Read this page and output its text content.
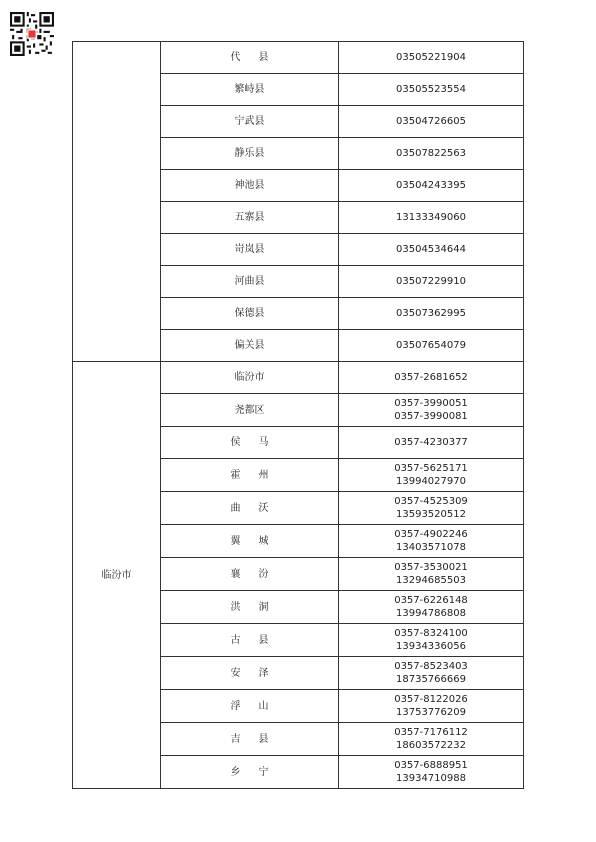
	代县	03505221904

	繁峙县	03505523554

	宁武县	03504726605

	静乐县	03507822563

	神池县	03504243395

	五寨县	13133349060

	岢岚县	03504534644

	河曲县	03507229910

	保德县	03507362995

	偏关县	03507654079

临汾市	临汾市	0357-2681652

	尧都区	0357-3990051
0357-3990081

	侯马	0357-4230377

	霍州	0357-5625171
13994027970

	曲沃	0357-4525309
13593520512

	翼城	0357-4902246
13403571078

	襄汾	0357-3530021
13294685503

	洪洞	0357-6226148
13994786808

	古县	0357-8324100
13934336056

	安泽	0357-8523403
18735766669

	浮山	0357-8122026
13753776209

	吉县	0357-7176112
18603572232

	乡宁	0357-6888951
13934710988
